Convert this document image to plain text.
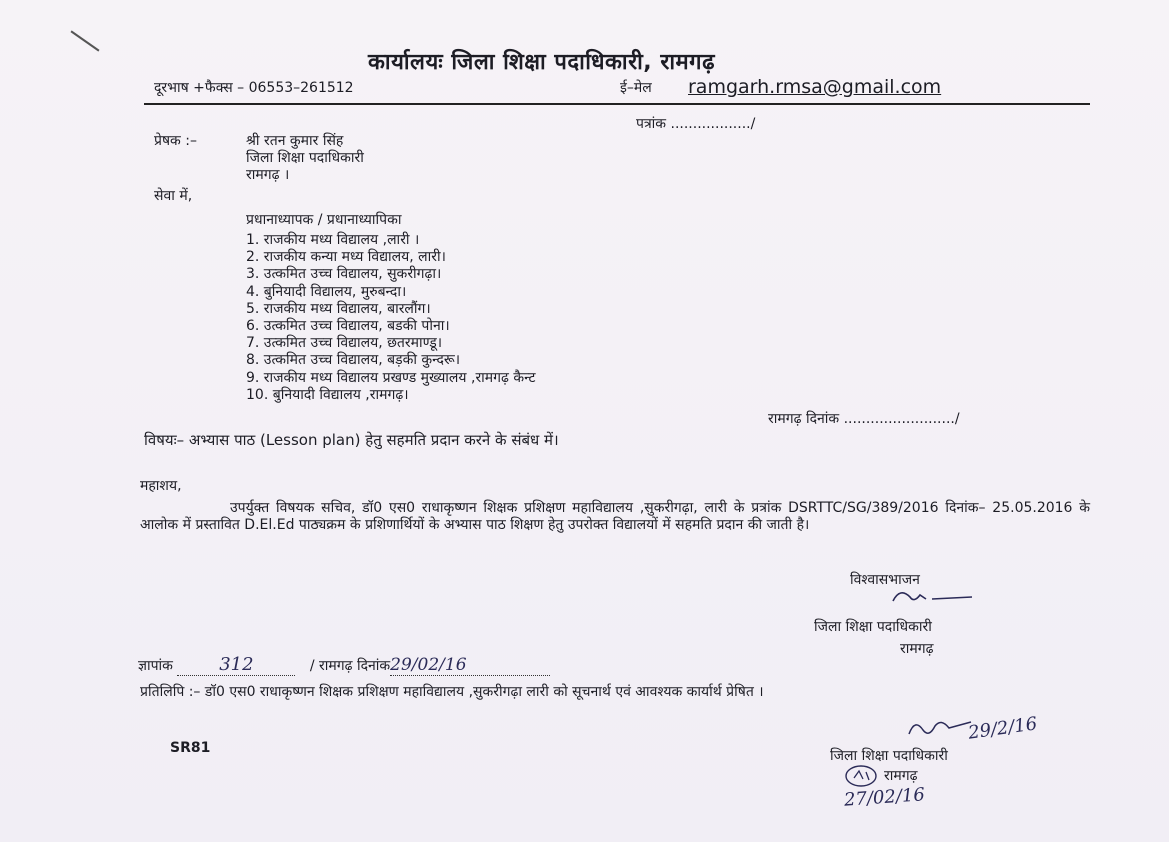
कार्यालयः जिला शिक्षा पदाधिकारी, रामगढ़
दूरभाष +फैक्स – 06553–261512	ई–मेल ramgarh.rmsa@gmail.com
पत्रांक ................../
प्रेषक :–	श्री रतन कुमार सिंह
जिला शिक्षा पदाधिकारी
रामगढ़ ।
सेवा में,
प्रधानाध्यापक / प्रधानाध्यापिका
1. राजकीय मध्य विद्यालय ,लारी ।
2. राजकीय कन्या मध्य विद्यालय, लारी।
3. उत्कमित उच्च विद्यालय, सुकरीगढ़ा।
4. बुनियादी विद्यालय, मुरुबन्दा।
5. राजकीय मध्य विद्यालय, बारलौंग।
6. उत्कमित उच्च विद्यालय, बडकी पोना।
7. उत्कमित उच्च विद्यालय, छतरमाण्डू।
8. उत्कमित उच्च विद्यालय, बड़की कुन्दरू।
9. राजकीय मध्य विद्यालय प्रखण्ड मुख्यालय ,रामगढ़ कैन्ट
10. बुनियादी विद्यालय ,रामगढ़।
रामगढ़ दिनांक ........................./
विषयः– अभ्यास पाठ (Lesson plan) हेतु सहमति प्रदान करने के संबंध में।
महाशय,
उपर्युक्त विषयक सचिव, डॉ0 एस0 राधाकृष्णन शिक्षक प्रशिक्षण महाविद्यालय ,सुकरीगढ़ा, लारी के प्रत्रांक DSRTTC/SG/389/2016 दिनांक– 25.05.2016 के आलोक में प्रस्तावित D.El.Ed पाठ्यक्रम के प्रशिणार्थियों के अभ्यास पाठ शिक्षण हेतु उपरोक्त विद्यालयों में सहमति प्रदान की जाती है।
विश्वासभाजन
जिला शिक्षा पदाधिकारी
रामगढ़
ज्ञापांक	312	/ रामगढ़ दिनांक29/02/16
प्रतिलिपि :– डॉ0 एस0 राधाकृष्णन शिक्षक प्रशिक्षण महाविद्यालय ,सुकरीगढ़ा लारी को सूचनार्थ एवं आवश्यक कार्यार्थ प्रेषित ।
SR81
29/2/16
जिला शिक्षा पदाधिकारी
रामगढ़
27/02/16
